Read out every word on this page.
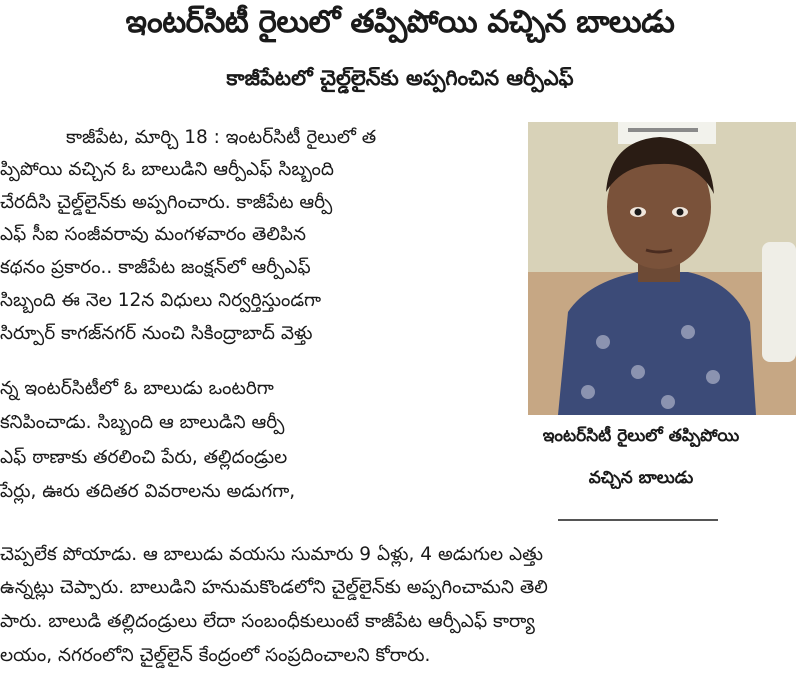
ఇంటర్‌సిటీ రైలులో తప్పిపోయి వచ్చిన బాలుడు
కాజీపేటలో చైల్డ్‌లైన్‌కు అప్పగించిన ఆర్పీఎఫ్‌
కాజీపేట, మార్చి 18 : ఇంటర్‌సిటీ రైలులో త
ప్పిపోయి వచ్చిన ఓ బాలుడిని ఆర్పీఎఫ్‌ సిబ్బంది
చేరదీసి చైల్డ్‌లైన్‌కు అప్పగించారు. కాజీపేట ఆర్పీ
ఎఫ్‌ సీఐ సంజీవరావు మంగళవారం తెలిపిన
కథనం ప్రకారం.. కాజీపేట జంక్షన్‌లో ఆర్పీఎఫ్‌
సిబ్బంది ఈ నెల 12న విధులు నిర్వర్తిస్తుండగా
సిర్పూర్‌ కాగజ్‌నగర్‌ నుంచి సికింద్రాబాద్‌ వెళ్తు
న్న ఇంటర్‌సిటీలో ఓ బాలుడు ఒంటరిగా
కనిపించాడు. సిబ్బంది ఆ బాలుడిని ఆర్పీ
ఎఫ్‌ ఠాణాకు తరలించి పేరు, తల్లిదండ్రుల
పేర్లు, ఊరు తదితర వివరాలను అడుగగా,
చెప్పలేక పోయాడు. ఆ బాలుడు వయసు సుమారు 9 ఏళ్లు, 4 అడుగుల ఎత్తు
ఉన్నట్లు చెప్పారు. బాలుడిని హనుమకొండలోని చైల్డ్‌లైన్‌కు అప్పగించామని తెలి
పారు. బాలుడి తల్లిదండ్రులు లేదా సంబంధీకులుంటే కాజీపేట ఆర్పీఎఫ్‌ కార్యా
లయం, నగరంలోని చైల్డ్‌లైన్‌ కేంద్రంలో సంప్రదించాలని కోరారు.
ఇంటర్‌సిటీ రైలులో తప్పిపోయి
వచ్చిన బాలుడు
